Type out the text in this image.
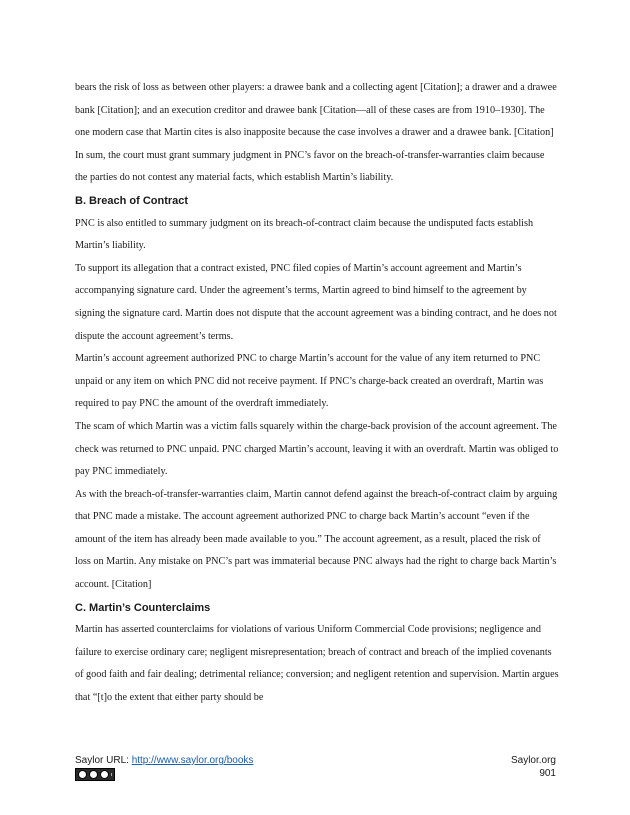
bears the risk of loss as between other players: a drawee bank and a collecting agent [Citation]; a drawer and a drawee bank [Citation]; and an execution creditor and drawee bank [Citation—all of these cases are from 1910–1930]. The one modern case that Martin cites is also inapposite because the case involves a drawer and a drawee bank. [Citation]

In sum, the court must grant summary judgment in PNC’s favor on the breach-of-transfer-warranties claim because the parties do not contest any material facts, which establish Martin’s liability.

B. Breach of Contract

PNC is also entitled to summary judgment on its breach-of-contract claim because the undisputed facts establish Martin’s liability.

To support its allegation that a contract existed, PNC filed copies of Martin’s account agreement and Martin’s accompanying signature card. Under the agreement’s terms, Martin agreed to bind himself to the agreement by signing the signature card. Martin does not dispute that the account agreement was a binding contract, and he does not dispute the account agreement’s terms.

Martin’s account agreement authorized PNC to charge Martin’s account for the value of any item returned to PNC unpaid or any item on which PNC did not receive payment. If PNC’s charge-back created an overdraft, Martin was required to pay PNC the amount of the overdraft immediately.

The scam of which Martin was a victim falls squarely within the charge-back provision of the account agreement. The check was returned to PNC unpaid. PNC charged Martin’s account, leaving it with an overdraft. Martin was obliged to pay PNC immediately.

As with the breach-of-transfer-warranties claim, Martin cannot defend against the breach-of-contract claim by arguing that PNC made a mistake. The account agreement authorized PNC to charge back Martin’s account “even if the amount of the item has already been made available to you.” The account agreement, as a result, placed the risk of loss on Martin. Any mistake on PNC’s part was immaterial because PNC always had the right to charge back Martin’s account. [Citation]

C. Martin’s Counterclaims

Martin has asserted counterclaims for violations of various Uniform Commercial Code provisions; negligence and failure to exercise ordinary care; negligent misrepresentation; breach of contract and breach of the implied covenants of good faith and fair dealing; detrimental reliance; conversion; and negligent retention and supervision. Martin argues that “[t]o the extent that either party should be

Saylor URL: http://www.saylor.org/books	Saylor.org
901
